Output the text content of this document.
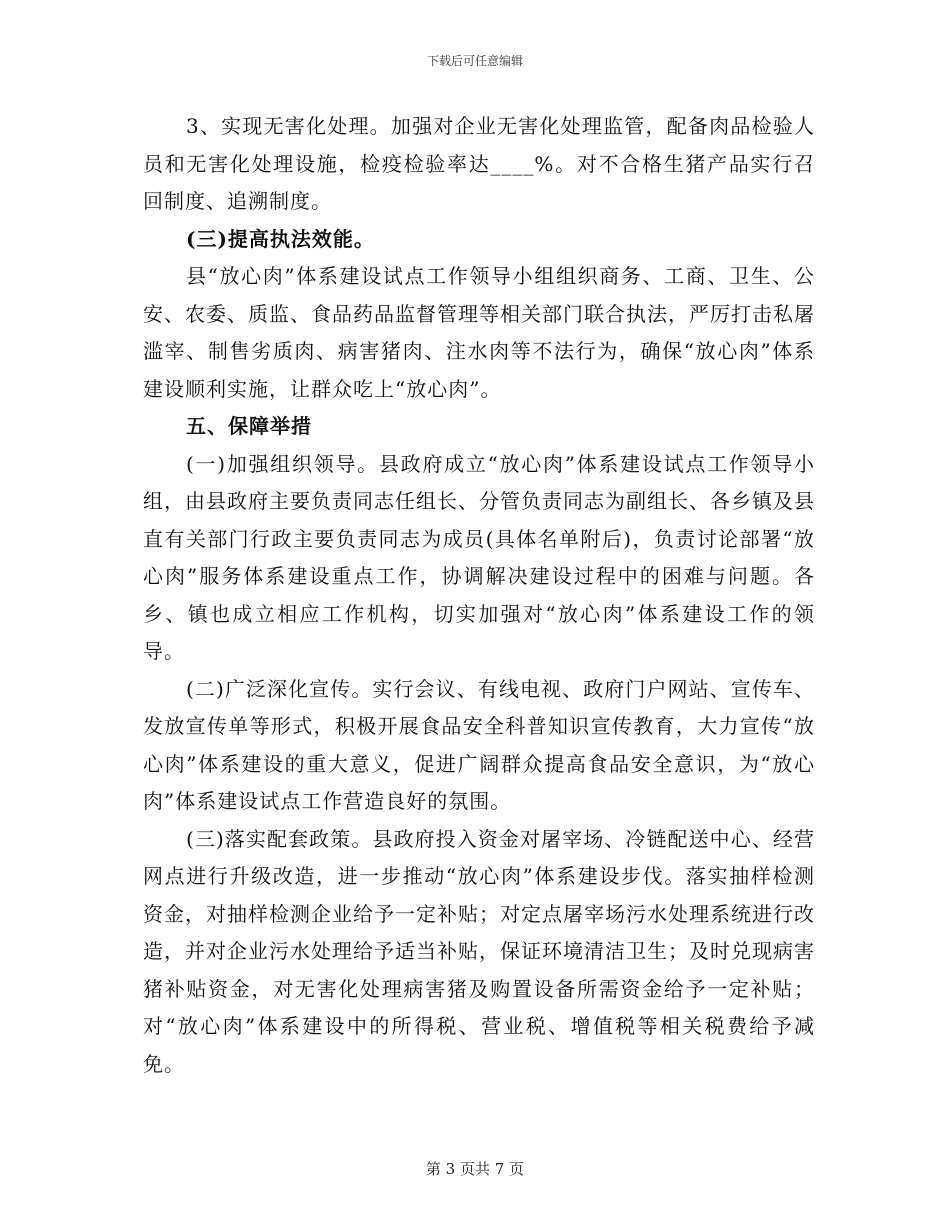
下载后可任意编辑

3、实现无害化处理。加强对企业无害化处理监管，配备肉品检验人员和无害化处理设施，检疫检验率达____%。对不合格生猪产品实行召回制度、追溯制度。

(三)提高执法效能。

县“放心肉”体系建设试点工作领导小组组织商务、工商、卫生、公安、农委、质监、食品药品监督管理等相关部门联合执法，严厉打击私屠滥宰、制售劣质肉、病害猪肉、注水肉等不法行为，确保“放心肉”体系建设顺利实施，让群众吃上“放心肉”。

五、保障举措

(一)加强组织领导。县政府成立“放心肉”体系建设试点工作领导小组，由县政府主要负责同志任组长、分管负责同志为副组长、各乡镇及县直有关部门行政主要负责同志为成员(具体名单附后)，负责讨论部署“放心肉”服务体系建设重点工作，协调解决建设过程中的困难与问题。各乡、镇也成立相应工作机构，切实加强对“放心肉”体系建设工作的领导。

(二)广泛深化宣传。实行会议、有线电视、政府门户网站、宣传车、发放宣传单等形式，积极开展食品安全科普知识宣传教育，大力宣传“放心肉”体系建设的重大意义，促进广阔群众提高食品安全意识，为“放心肉”体系建设试点工作营造良好的氛围。

(三)落实配套政策。县政府投入资金对屠宰场、冷链配送中心、经营网点进行升级改造，进一步推动“放心肉”体系建设步伐。落实抽样检测资金，对抽样检测企业给予一定补贴；对定点屠宰场污水处理系统进行改造，并对企业污水处理给予适当补贴，保证环境清洁卫生；及时兑现病害猪补贴资金，对无害化处理病害猪及购置设备所需资金给予一定补贴；对“放心肉”体系建设中的所得税、营业税、增值税等相关税费给予减免。

第 3 页共 7 页
